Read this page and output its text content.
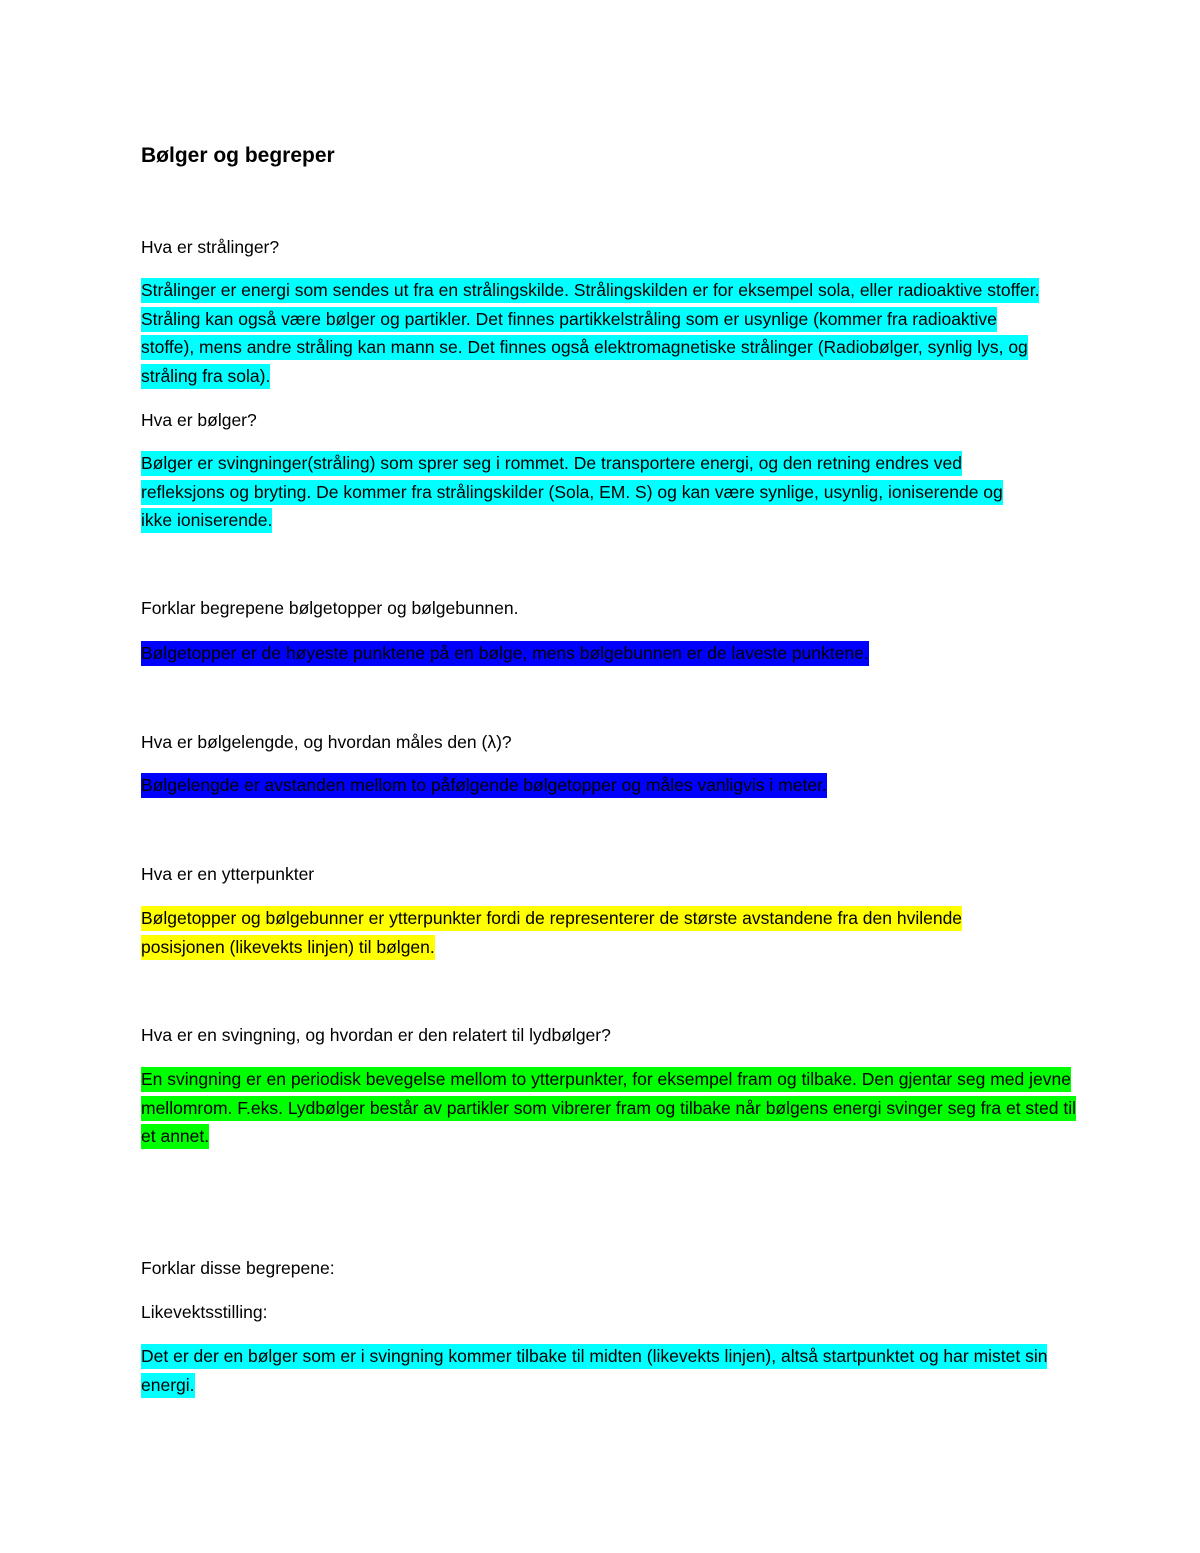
Bølger og begreper
Hva er strålinger?

Strålinger er energi som sendes ut fra en strålingskilde. Strålingskilden er for eksempel sola, eller radioaktive stoffer. Stråling kan også være bølger og partikler. Det finnes partikkelstråling som er usynlige (kommer fra radioaktive stoffe), mens andre stråling kan mann se. Det finnes også elektromagnetiske strålinger (Radiobølger, synlig lys, og stråling fra sola).

Hva er bølger?

Bølger er svingninger(stråling) som sprer seg i rommet. De transportere energi, og den retning endres ved refleksjons og bryting. De kommer fra strålingskilder (Sola, EM. S) og kan være synlige, usynlig, ioniserende og ikke ioniserende.

Forklar begrepene bølgetopper og bølgebunnen.

Bølgetopper er de høyeste punktene på en bølge, mens bølgebunnen er de laveste punktene.

Hva er bølgelengde, og hvordan måles den (λ)?

Bølgelengde er avstanden mellom to påfølgende bølgetopper og måles vanligvis i meter.

Hva er en ytterpunkter

Bølgetopper og bølgebunner er ytterpunkter fordi de representerer de største avstandene fra den hvilende posisjonen (likevekts linjen) til bølgen.

Hva er en svingning, og hvordan er den relatert til lydbølger?

En svingning er en periodisk bevegelse mellom to ytterpunkter, for eksempel fram og tilbake. Den gjentar seg med jevne mellomrom. F.eks. Lydbølger består av partikler som vibrerer fram og tilbake når bølgens energi svinger seg fra et sted til et annet.

Forklar disse begrepene:
Likevektsstilling:

Det er der en bølger som er i svingning kommer tilbake til midten (likevekts linjen), altså startpunktet og har mistet sin energi.
